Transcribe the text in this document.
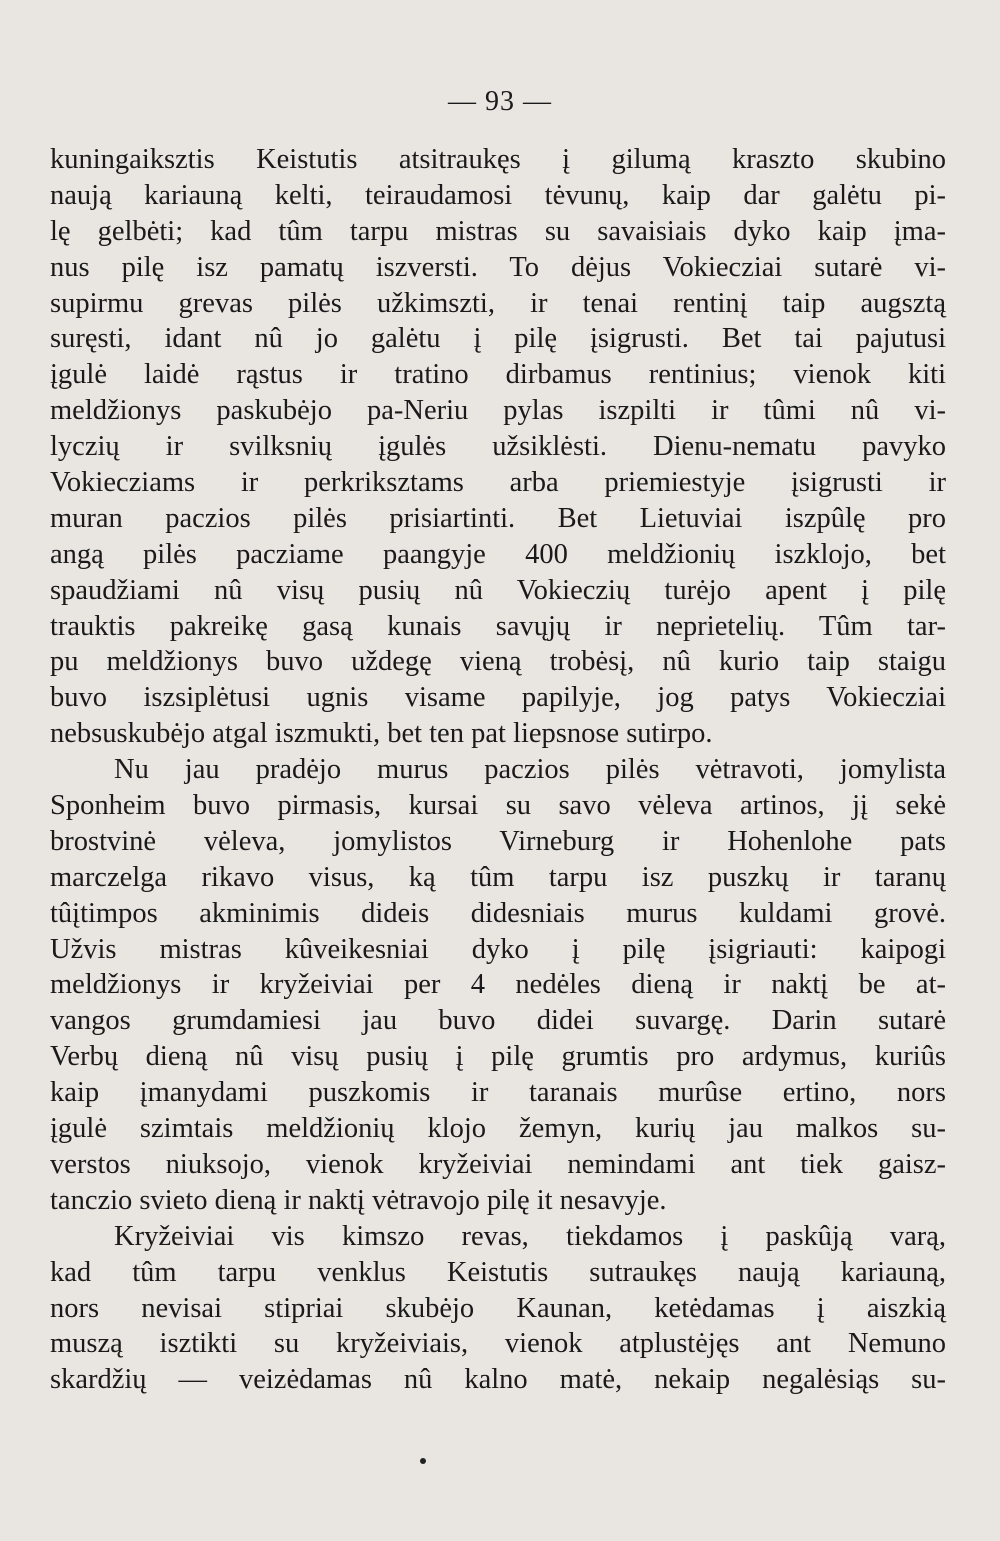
— 93 —
kuningaiksztis Keistutis atsitraukęs į gilumą kraszto skubino
naują kariauną kelti, teiraudamosi tėvunų, kaip dar galėtu pi-
lę gelbėti; kad tûm tarpu mistras su savaisiais dyko kaip įma-
nus pilę isz pamatų iszversti. To dėjus Vokiecziai sutarė vi-
supirmu grevas pilės užkimszti, ir tenai rentinį taip augsztą
suręsti, idant nû jo galėtu į pilę įsigrusti. Bet tai pajutusi
įgulė laidė rąstus ir tratino dirbamus rentinius; vienok kiti
meldžionys paskubėjo pa-Neriu pylas iszpilti ir tûmi nû vi-
lyczių ir svilksnių įgulės užsiklėsti. Dienu-nematu pavyko
Vokiecziams ir perkriksztаms arba priemiestyje įsigrusti ir
muran paczios pilės prisiartinti. Bet Lietuviai iszpûlę pro
angą pilės pacziame paangyje 400 meldžionių iszklojo, bet
spaudžiami nû visų pusių nû Vokieczių turėjo apent į pilę
trauktis pakreikę gasą kunais savųjų ir neprietelių. Tûm tar-
pu meldžionys buvo uždegę vieną trobėsį, nû kurio taip staigu
buvo iszsiplėtusi ugnis visame papilyje, jog patys Vokiecziai
nebsuskubėjo atgal iszmukti, bet ten pat liepsnose sutirpo.
Nu jau pradėjo murus paczios pilės vėtravoti, jomylista
Sponheim buvo pirmasis, kursai su savo vėleva artinos, jį sekė
brostvinė vėleva, jomylistos Virneburg ir Hohenlohe pats
marczelga rikavo visus, ką tûm tarpu isz puszkų ir taranų
tûįtimpos akminimis dideis didesniais murus kuldami grovė.
Užvis mistras kûveikesniai dyko į pilę įsigriauti: kaipogi
meldžionys ir kryžeiviai per 4 nedėles dieną ir naktį be at-
vangos grumdamiesi jau buvo didei suvargę. Darin sutarė
Verbų dieną nû visų pusių į pilę grumtis pro ardymus, kuriûs
kaip įmanydami puszkomis ir taranais murûse ertino, nors
įgulė szimtais meldžionių klojo žemyn, kurių jau malkos su-
verstos niuksojo, vienok kryžeiviai nemindami ant tiek gaisz-
tanczio svieto dieną ir naktį vėtravojo pilę it nesavyje.
Kryžeiviai vis kimszo revas, tiekdamos į paskûją varą,
kad tûm tarpu venklus Keistutis sutraukęs naują kariauną,
nors nevisai stipriai skubėjo Kaunan, ketėdamas į aiszkią
muszą isztikti su kryžeiviais, vienok atplustėjęs ant Nemuno
skardžių — veizėdamas nû kalno matė, nekaip negalėsiąs su-
